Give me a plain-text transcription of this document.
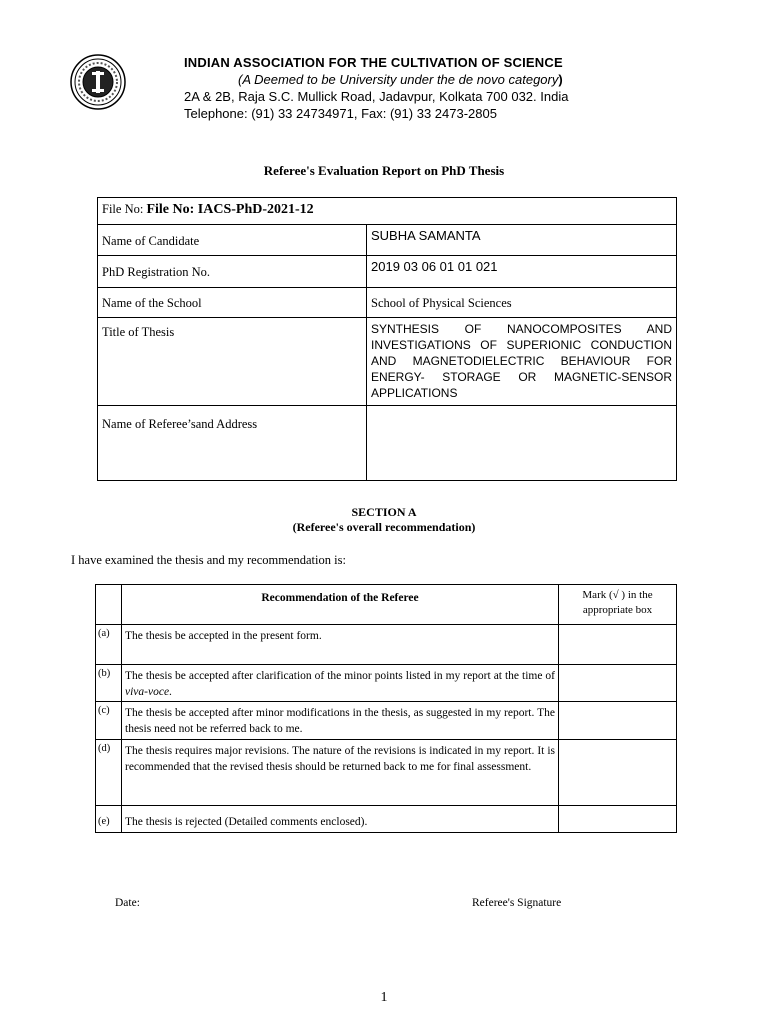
INDIAN ASSOCIATION FOR THE CULTIVATION OF SCIENCE
(A Deemed to be University under the de novo category)
2A & 2B, Raja S.C. Mullick Road, Jadavpur, Kolkata 700 032. India
Telephone: (91) 33 24734971, Fax: (91) 33 2473-2805
Referee's Evaluation Report on PhD Thesis
File No: File No: IACS-PhD-2021-12	
Name of Candidate	SUBHA SAMANTA
PhD Registration No.	2019 03 06 01 01 021
Name of the School	School of Physical Sciences
Title of Thesis	SYNTHESIS OF NANOCOMPOSITES AND INVESTIGATIONS OF SUPERIONIC CONDUCTION AND MAGNETODIELECTRIC BEHAVIOUR FOR ENERGY- STORAGE OR MAGNETIC-SENSOR APPLICATIONS
Name of Referee’sand Address	
SECTION A
(Referee's overall recommendation)
I have examined the thesis and my recommendation is:
	Recommendation of the Referee	Mark (√ ) in the
appropriate box

(a)	The thesis be accepted in the present form.	
(b)	The thesis be accepted after clarification of the minor points listed in my report at the time of viva-voce.	
(c)	The thesis be accepted after minor modifications in the thesis, as suggested in my report. The thesis need not be referred back to me.	
(d)	The thesis requires major revisions. The nature of the revisions is indicated in my report. It is recommended that the revised thesis should be returned back to me for final assessment.	
(e)	The thesis is rejected (Detailed comments enclosed).	
Date:	Referee's Signature
1
